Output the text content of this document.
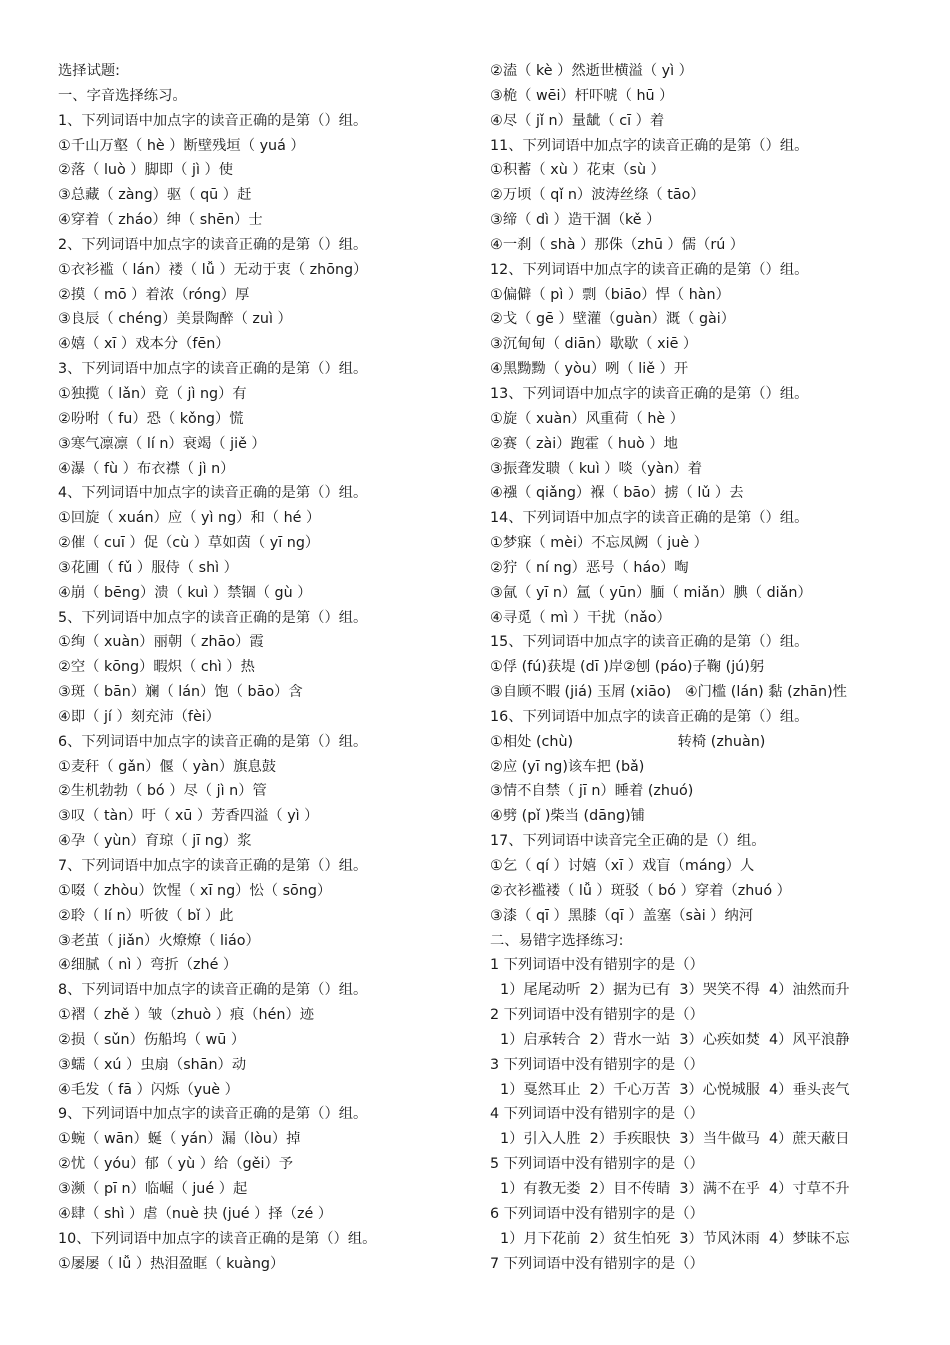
选择试题:
一、字音选择练习。
1、下列词语中加点字的读音正确的是第（）组。
①千山万壑（ hè ）断壁残垣（ yuá ）
②落（ luò ）脚即（ jì ）使
③总藏（ zàng）驱（ qū ）赶
④穿着（ zháo）绅（ shēn）士
2、下列词语中加点字的读音正确的是第（）组。
①衣衫褴（ lán）褛（ lǚ ）无动于衷（ zhōng）
②摸（ mō ）着浓（róng）厚
③良辰（ chéng）美景陶醉（ zuì ）
④嬉（ xī ）戏本分（fēn）
3、下列词语中加点字的读音正确的是第（）组。
①独揽（ lǎn）竟（ jì ng）有
②吩咐（ fu）恐（ kǒng）慌
③寒气凛凛（ lí n）衰竭（ jiě ）
④瀑（ fù ）布衣襟（ jì n）
4、下列词语中加点字的读音正确的是第（）组。
①回旋（ xuán）应（ yì ng）和（ hé ）
②催（ cuī ）促（cù ）草如茵（ yī ng）
③花圃（ fǔ ）服侍（ shì ）
④崩（ bēng）溃（ kuì ）禁锢（ gù ）
5、下列词语中加点字的读音正确的是第（）组。
①绚（ xuàn）丽朝（ zhāo）霞
②空（ kōng）暇炽（ chì ）热
③斑（ bān）斓（ lán）饱（ bāo）含
④即（ jí ）刻充沛（fèi）
6、下列词语中加点字的读音正确的是第（）组。
①麦秆（ gǎn）偃（ yàn）旗息鼓
②生机勃勃（ bó ）尽（ jì n）管
③叹（ tàn）吁（ xū ）芳香四溢（ yì ）
④孕（ yùn）育琼（ jī ng）浆
7、下列词语中加点字的读音正确的是第（）组。
①啜（ zhòu）饮惺（ xī ng）忪（ sōng）
②聆（ lí n）听彼（ bǐ ）此
③老茧（ jiǎn）火燎燎（ liáo）
④细腻（ nì ）弯折（zhé ）
8、下列词语中加点字的读音正确的是第（）组。
①褶（ zhě ）皱（zhuò ）痕（hén）迹
②损（ sǔn）伤船坞（ wū ）
③蠕（ xú ）虫扇（shān）动
④毛发（ fā ）闪烁（yuè ）
9、下列词语中加点字的读音正确的是第（）组。
①蜿（ wān）蜒（ yán）漏（lòu）掉
②忧（ yóu）郁（ yù ）给（gěi）予
③濒（ pī n）临崛（ jué ）起
④肆（ shì ）虐（nuè 抉 (jué ）择（zé ）
10、下列词语中加点字的读音正确的是第（）组。
①屡屡（ lǚ ）热泪盈眶（ kuàng）
②溘（ kè ）然逝世横溢（ yì ）
③桅（ wēi）杆吓唬（ hū ）
④尽（ jǐ n）量龇（ cī ）着
11、下列词语中加点字的读音正确的是第（）组。
①积蓄（ xù ）花束（sù ）
②万顷（ qǐ n）波涛丝绦（ tāo）
③缔（ dì ）造干涸（kě ）
④一刹（ shà ）那侏（zhū ）儒（rú ）
12、下列词语中加点字的读音正确的是第（）组。
①偏僻（ pì ）剽（biāo）悍（ hàn）
②戈（ gē ）壁灌（guàn）溉（ gài）
③沉甸甸（ diān）歇歇（ xiē ）
④黑黝黝（ yòu）咧（ liě ）开
13、下列词语中加点字的读音正确的是第（）组。
①旋（ xuàn）风重荷（ hè ）
②赛（ zài）跑霍（ huò ）地
③振聋发聩（ kuì ）啖（yàn）着
④襁（ qiǎng）褓（ bāo）掳（ lǔ ）去
14、下列词语中加点字的读音正确的是第（）组。
①梦寐（ mèi）不忘凤阙（ juè ）
②狞（ ní ng）恶号（ háo）啕
③氤（ yī n）氲（ yūn）腼（ miǎn）腆（ diǎn）
④寻觅（ mì ）干扰（nǎo）
15、下列词语中加点字的读音正确的是第（）组。
①俘 (fú)获堤 (dī )岸②刨 (páo)子鞠 (jú)躬
③自顾不暇 (jiá) 玉屑 (xiāo)   ④门槛 (lán) 黏 (zhān)性
16、下列词语中加点字的读音正确的是第（）组。
①相处 (chù)                       转椅 (zhuàn)
②应 (yī ng)该车把 (bǎ)
③情不自禁（ jī n）睡着 (zhuó)
④劈 (pǐ )柴当 (dāng)铺
17、下列词语中读音完全正确的是（）组。
①乞（ qí ）讨嬉（xī ）戏盲（máng）人
②衣衫褴褛（ lǚ ）斑驳（ bó ）穿着（zhuó ）
③漆（ qī ）黑膝（qī ）盖塞（sài ）纳河
二、易错字选择练习:
1 下列词语中没有错别字的是（）
1）尾尾动听  2）据为已有  3）哭笑不得  4）油然而升
2 下列词语中没有错别字的是（）
1）启承转合  2）背水一站  3）心疾如焚  4）风平浪静
3 下列词语中没有错别字的是（）
1）戛然耳止  2）千心万苦  3）心悦城服  4）垂头丧气
4 下列词语中没有错别字的是（）
1）引入人胜  2）手疾眼快  3）当牛做马  4）蔗天蔽日
5 下列词语中没有错别字的是（）
1）有教无娄  2）目不传睛  3）满不在乎  4）寸草不升
6 下列词语中没有错别字的是（）
1）月下花前  2）贫生怕死  3）节风沐雨  4）梦昧不忘
7 下列词语中没有错别字的是（）
